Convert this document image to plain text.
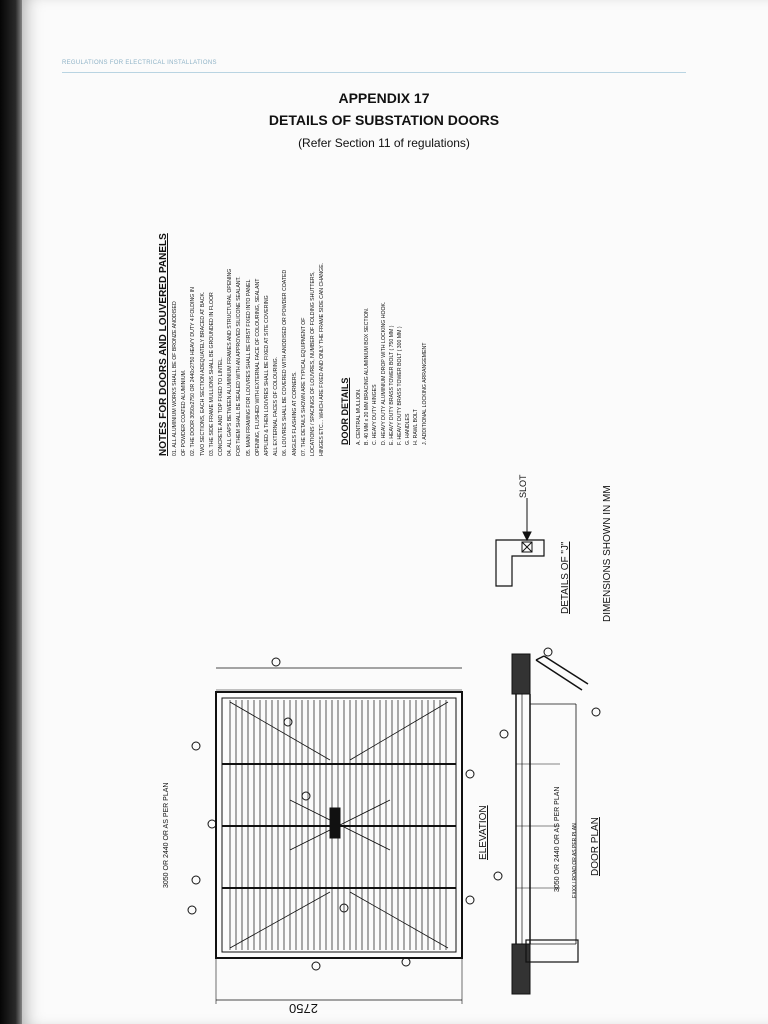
REGULATIONS FOR ELECTRICAL INSTALLATIONS
APPENDIX 17
DETAILS OF SUBSTATION DOORS
(Refer Section 11 of regulations)
NOTES FOR DOORS AND LOUVERED PANELS 01. ALL ALUMINIUM WORKS SHALL BE OF BRONZE ANODISED OF POWDER COATED ALUMINIUM. 02. THE DOOR 3050x2750 OR 2440x2750 HEAVY DUTY 4 FOLDING IN TWO SECTIONS, EACH SECTION ADEQUATELY BRACED AT BACK. 03. THE SIDE FRAME MULLIONS SHALL BE GROUNDED IN FLOOR CONCRETE AND TOP FIXED TO LINTEL. 04. ALL GAPS BETWEEN ALUMINIUM FRAMES AND STRUCTURAL OPENING FOR THEM SHALL BE SEALED WITH AN APPROVED SILICONE SEALANT. 05. MAIN FRAMING FOR LOUVRES SHALL BE FIRST FIXED INTO PANEL OPENING, FLUSHED WITH EXTERNAL FACE OF COLOURING, SEALANT APPLIED & THEN LOUVRES SHALL BE FIXED AT SITE COVERING ALL EXTERNAL FACES OF COLOURING. 06. LOUVRES SHALL BE COVERED WITH ANODISED OR POWDER COATED ANGLES FLASHING AT CORNERS. 07. THE DETAILS SHOWN ARE TYPICAL EQUIPMENT OF LOCATIONS / SPACINGS OF LOUVRES, NUMBER OF FOLDING SHUTTERS, HINGES ETC... WHICH ARE FIXED AND ONLY THE FRAME SIDE CAN CHANGE. DOOR DETAILS A. CENTRAL MULLION. B. 40 MM x 20 MM BRACING ALUMINIUM BOX SECTION. C. HEAVY DUTY HINGES D. HEAVY DUTY ALUMINIUM DROP WITH LOCKING HOOK. E. HEAVY DUTY BRASS TOWER BOLT ( 750 MM ) F. HEAVY DUTY BRASS TOWER BOLT ( 300 MM ) G. HANDLES H. RAWL BOLT J. ADDITIONAL LOCKING ARRANGEMENT
SLOT
DETAILS OF "J"	DIMENSIONS SHOWN IN MM
3050 OR 2440 OR AS PER PLAN	ELEVATION	3050 OR 2440 OR AS PER PLAN EXXX / ROAD OR AS PER PLAN DOOR PLAN
2750
